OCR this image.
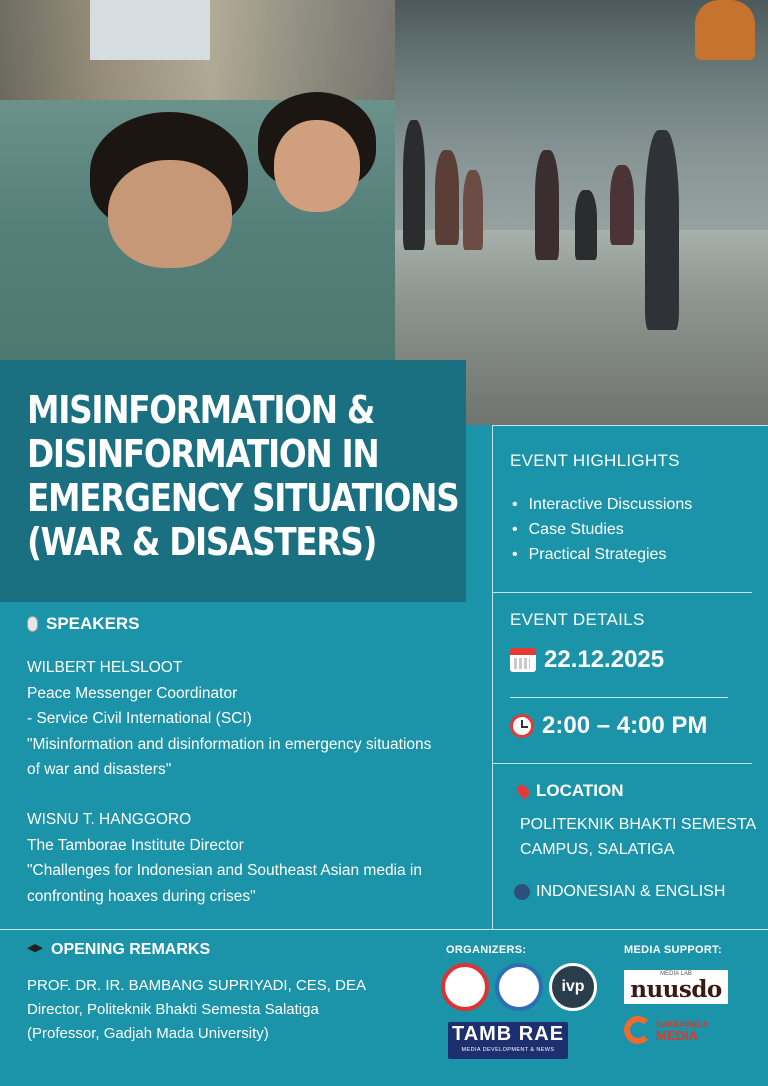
MISINFORMATION &
DISINFORMATION IN
EMERGENCY SITUATIONS
(WAR & DISASTERS)
EVENT HIGHLIGHTS
• Interactive Discussions
• Case Studies
• Practical Strategies
EVENT DETAILS
22.12.2025
2:00 – 4:00 PM
SPEAKERS
WILBERT HELSLOOT
Peace Messenger Coordinator
- Service Civil International (SCI)
"Misinformation and disinformation in emergency situations
of war and disasters"
WISNU T. HANGGORO
The Tamborae Institute Director
"Challenges for Indonesian and Southeast Asian media in
confronting hoaxes during crises"
LOCATION
POLITEKNIK BHAKTI SEMESTA
CAMPUS, SALATIGA
INDONESIAN & ENGLISH
OPENING REMARKS
PROF. DR. IR. BAMBANG SUPRIYADI, CES, DEA
Director, Politeknik Bhakti Semesta Salatiga
(Professor, Gadjah Mada University)
ORGANIZERS:
ivp
TAMB RAE
MEDIA DEVELOPMENT & NEWS
MEDIA SUPPORT:
MEDIA LAB
nuusdo
CAKRAWALA
MEDIA
